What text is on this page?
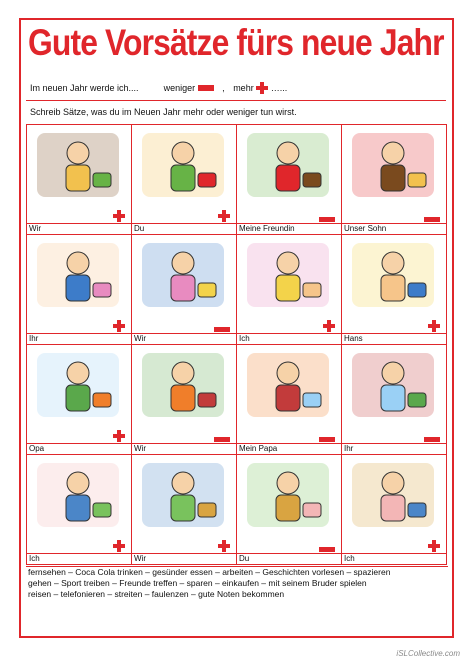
Gute Vorsätze fürs neue Jahr
Im neuen Jahr werde ich....	weniger	, mehr …...
Schreib Sätze, was du im Neuen Jahr mehr oder weniger tun wirst.
Wir	Du	Meine Freundin	Unser Sohn
Ihr	Wir	Ich	Hans
Opa	Wir	Mein Papa	Ihr
Ich	Wir	Du	Ich
fernsehen – Coca Cola trinken – gesünder essen – arbeiten – Geschichten vorlesen – spazieren
gehen – Sport treiben – Freunde treffen – sparen – einkaufen – mit seinem Bruder spielen
reisen – telefonieren – streiten – faulenzen – gute Noten bekommen
iSLCollective.com
